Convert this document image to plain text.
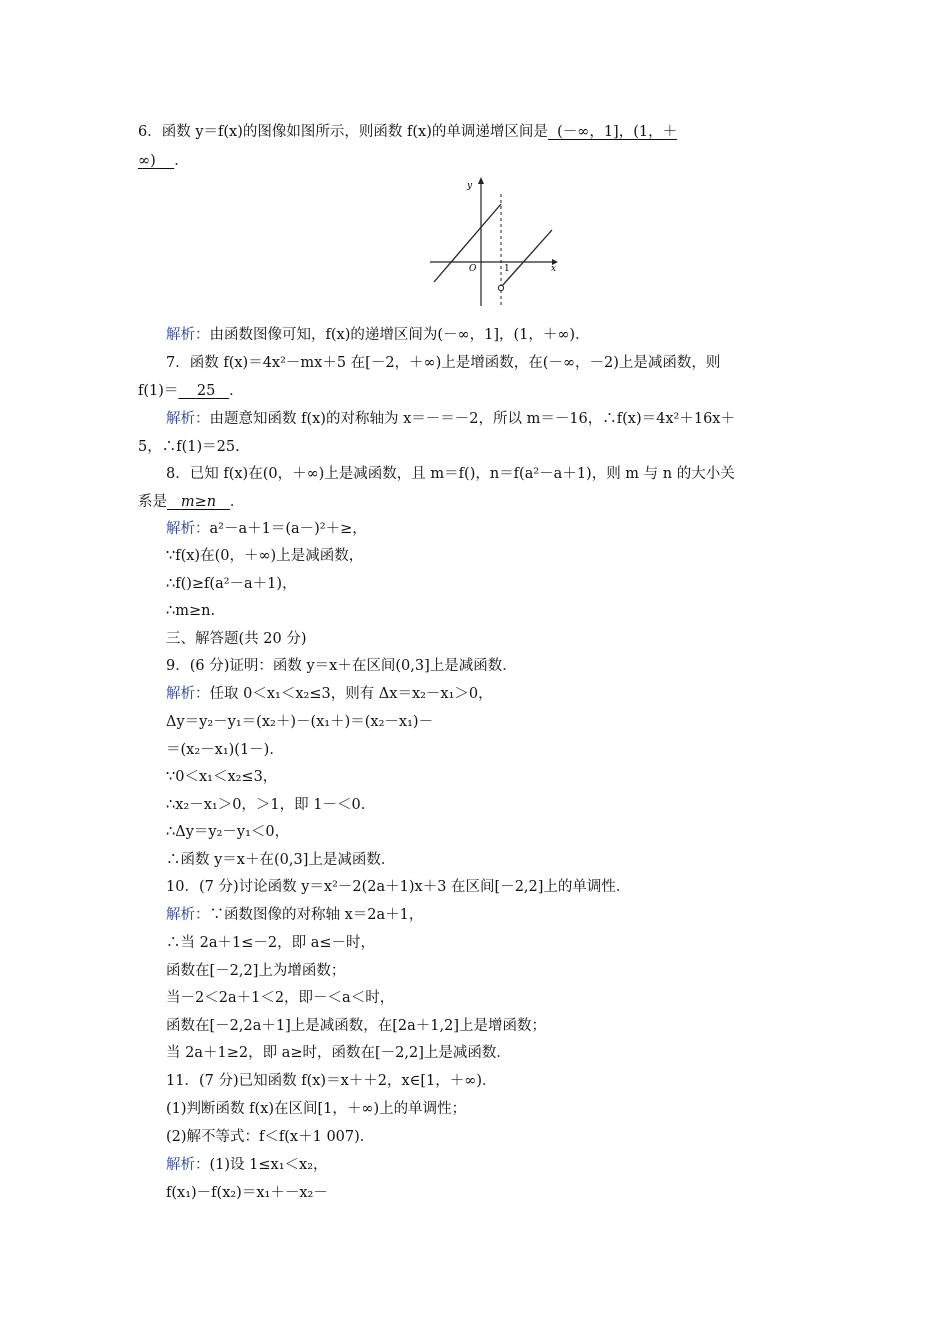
6．函数 y＝f(x)的图像如图所示，则函数 f(x)的单调递增区间是 (－∞，1]，(1，＋
∞) ．
y
x
O	1
解析：由函数图像可知，f(x)的递增区间为(－∞，1]，(1，＋∞)．
7．函数 f(x)＝4x²－mx＋5 在[－2，＋∞)上是增函数，在(－∞，－2)上是减函数，则
f(1)＝ 25 ．
解析：由题意知函数 f(x)的对称轴为 x＝－＝－2，所以 m＝－16，∴f(x)＝4x²＋16x＋
5，∴f(1)＝25.
8．已知 f(x)在(0，＋∞)上是减函数，且 m＝f()，n＝f(a²－a＋1)，则 m 与 n 的大小关
系是 m≥n ．
解析：a²－a＋1＝(a－)²＋≥，
∵f(x)在(0，＋∞)上是减函数，
∴f()≥f(a²－a＋1)，
∴m≥n.
三、解答题(共 20 分)
9．(6 分)证明：函数 y＝x＋在区间(0,3]上是减函数．
解析：任取 0＜x₁＜x₂≤3，则有 Δx＝x₂－x₁＞0，
Δy＝y₂－y₁＝(x₂＋)－(x₁＋)＝(x₂－x₁)－
＝(x₂－x₁)(1－)．
∵0＜x₁＜x₂≤3，
∴x₂－x₁＞0，＞1，即 1－＜0.
∴Δy＝y₂－y₁＜0，
∴函数 y＝x＋在(0,3]上是减函数．
10．(7 分)讨论函数 y＝x²－2(2a＋1)x＋3 在区间[－2,2]上的单调性．
解析：∵函数图像的对称轴 x＝2a＋1，
∴当 2a＋1≤－2，即 a≤－时，
函数在[－2,2]上为增函数；
当－2＜2a＋1＜2，即－＜a＜时，
函数在[－2,2a＋1]上是减函数，在[2a＋1,2]上是增函数；
当 2a＋1≥2，即 a≥时，函数在[－2,2]上是减函数．
11．(7 分)已知函数 f(x)＝x＋＋2，x∈[1，＋∞)．
(1)判断函数 f(x)在区间[1，＋∞)上的单调性；
(2)解不等式：f＜f(x＋1 007)．
解析：(1)设 1≤x₁＜x₂，
f(x₁)－f(x₂)＝x₁＋－x₂－
